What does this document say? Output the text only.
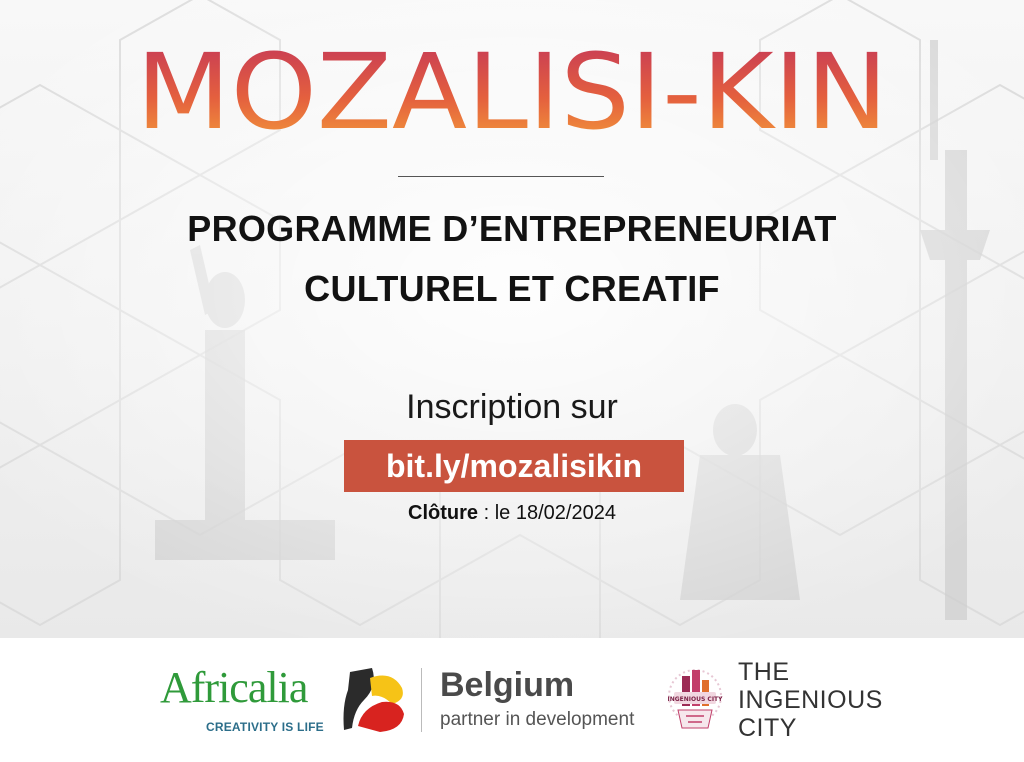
MOZALISI-KIN
PROGRAMME D’ENTREPRENEURIAT
CULTUREL ET CREATIF
Inscription sur
bit.ly/mozalisikin
Clôture : le 18/02/2024
Africalia
CREATIVITY IS LIFE
Belgium
partner in development
INGENIOUS CITY
THE
INGENIOUS
CITY
